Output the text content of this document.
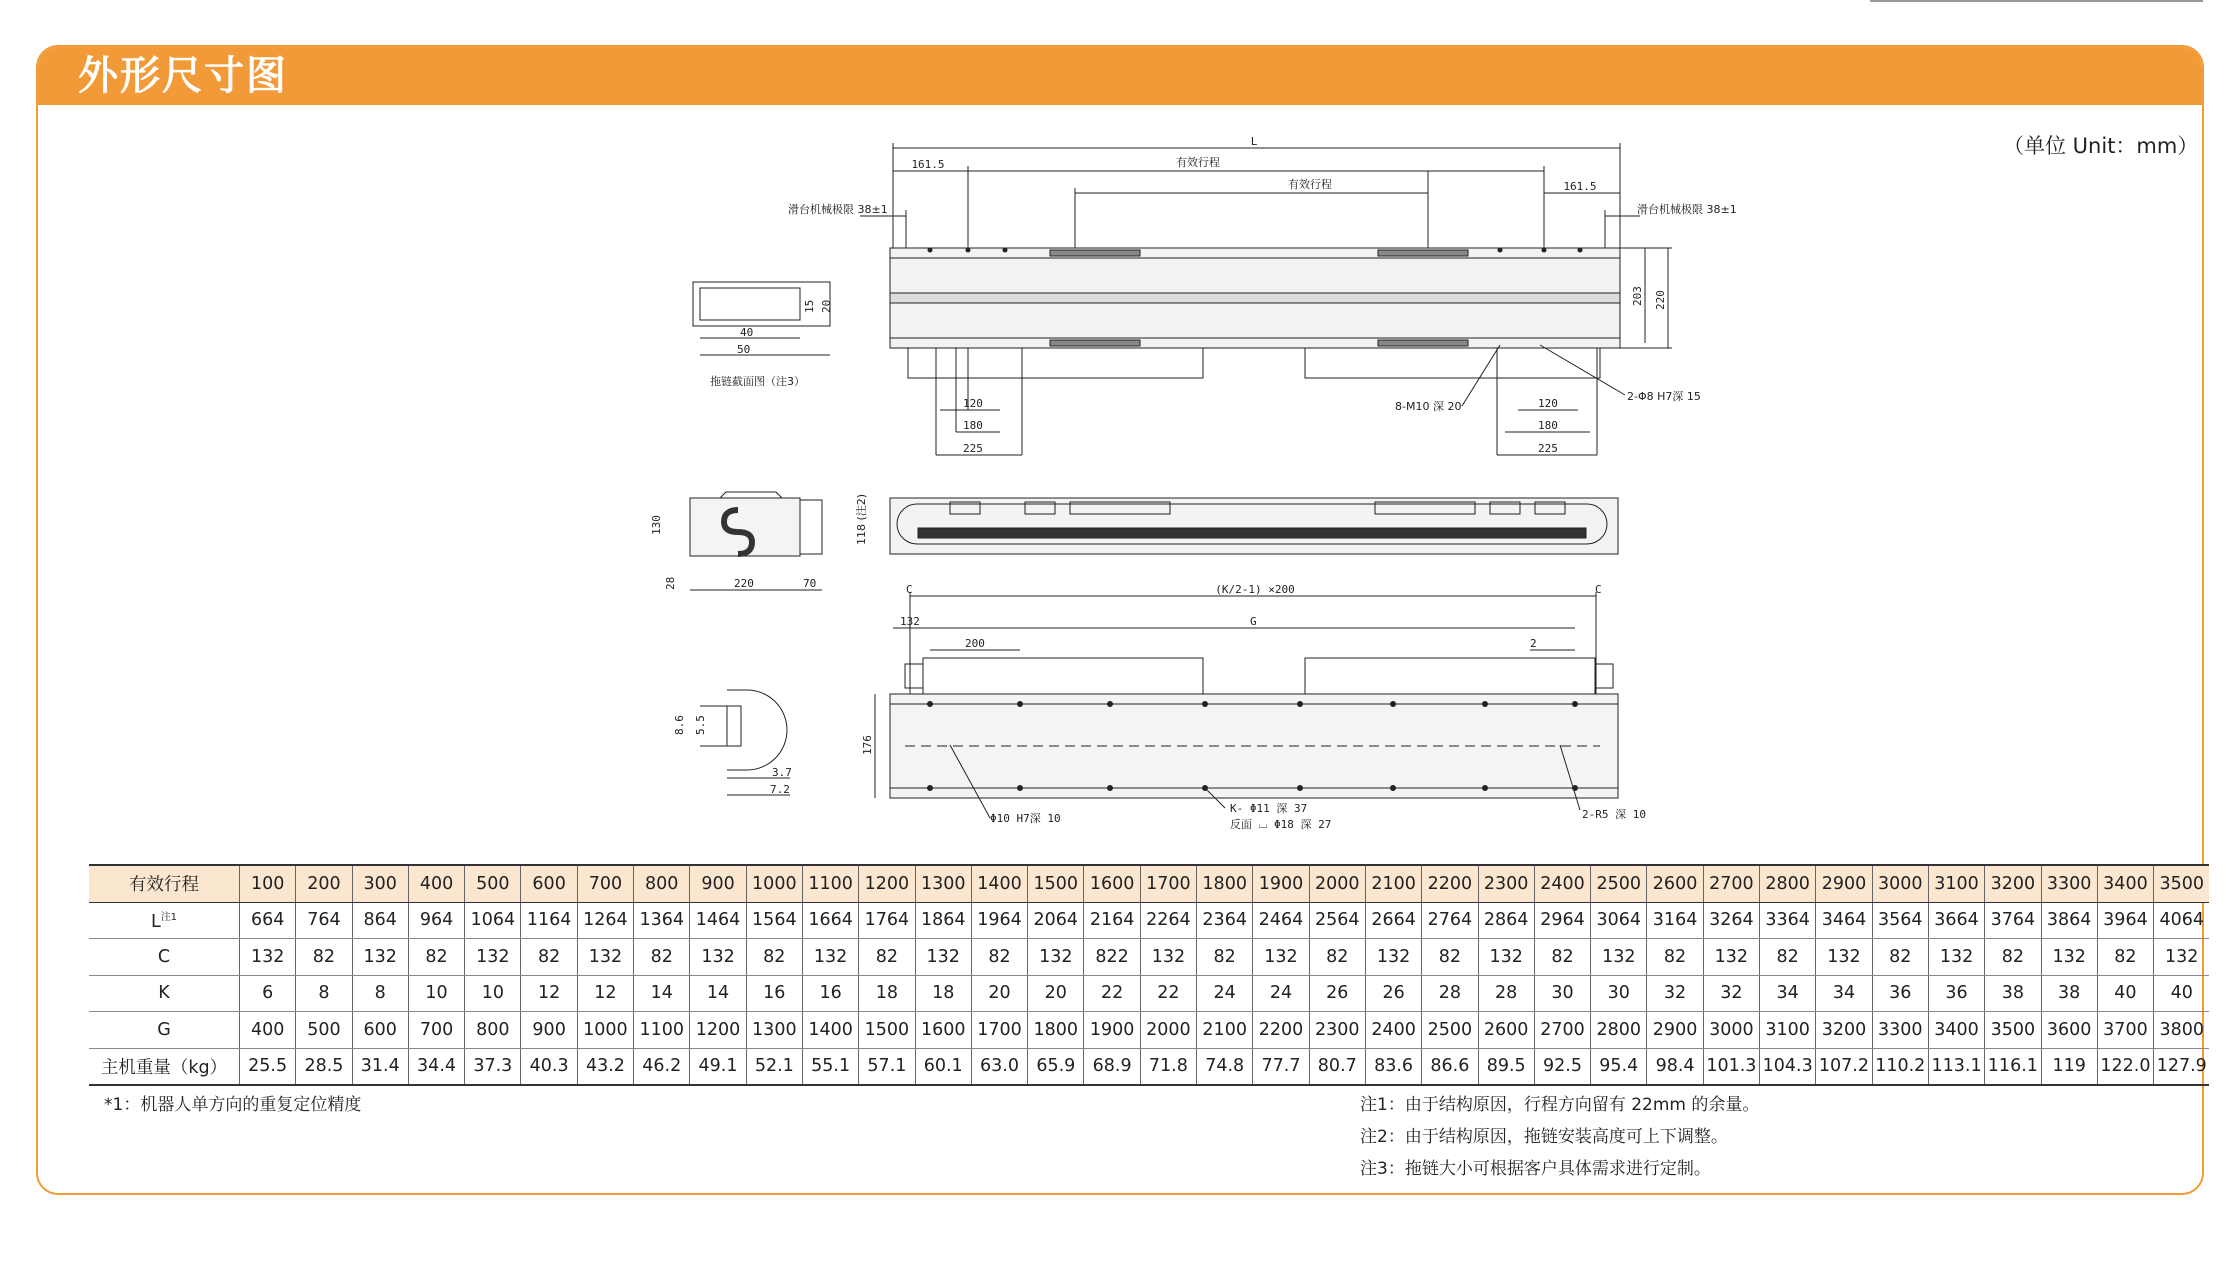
外形尺寸图
（单位 Unit：mm）
L
161.5	有效行程
161.5
有效行程
滑台机械极限 38±1	滑台机械极限 38±1
203 220
120
180
225
120
180
225
8-M10 深 20
2-Φ8 H7深 15
40
50
15 20
拖链截面图（注3）
S
220	70
130
28
118 (注2)
C	C
(K/2-1) ×200
132	G
200	2
176
Φ10 H7深 10
K- Φ11 深 37
反面 ⌴ Φ18 深 27
2-R5 深 10
8.6 5.5
3.7
7.2
有效行程	100	200	300	400	500	600	700	800	900	1000	1100	1200	1300	1400	1500	1600	1700	1800	1900	2000	2100	2200	2300	2400	2500	2600	2700	2800	2900	3000	3100	3200	3300	3400	3500
$L^{注1}$	664	764	864	964	1064	1164	1264	1364	1464	1564	1664	1764	1864	1964	2064	2164	2264	2364	2464	2564	2664	2764	2864	2964	3064	3164	3264	3364	3464	3564	3664	3764	3864	3964	4064
C	132	82	132	82	132	82	132	82	132	82	132	82	132	82	132	822	132	82	132	82	132	82	132	82	132	82	132	82	132	82	132	82	132	82	132
K	6	8	8	10	10	12	12	14	14	16	16	18	18	20	20	22	22	24	24	26	26	28	28	30	30	32	32	34	34	36	36	38	38	40	40
G	400	500	600	700	800	900	1000	1100	1200	1300	1400	1500	1600	1700	1800	1900	2000	2100	2200	2300	2400	2500	2600	2700	2800	2900	3000	3100	3200	3300	3400	3500	3600	3700	3800
主机重量（kg）	25.5	28.5	31.4	34.4	37.3	40.3	43.2	46.2	49.1	52.1	55.1	57.1	60.1	63.0	65.9	68.9	71.8	74.8	77.7	80.7	83.6	86.6	89.5	92.5	95.4	98.4	101.3	104.3	107.2	110.2	113.1	116.1	119	122.0	127.9
*1：机器人单方向的重复定位精度	注1：由于结构原因，行程方向留有 22mm 的余量。
注2：由于结构原因，拖链安装高度可上下调整。
注3：拖链大小可根据客户具体需求进行定制。
